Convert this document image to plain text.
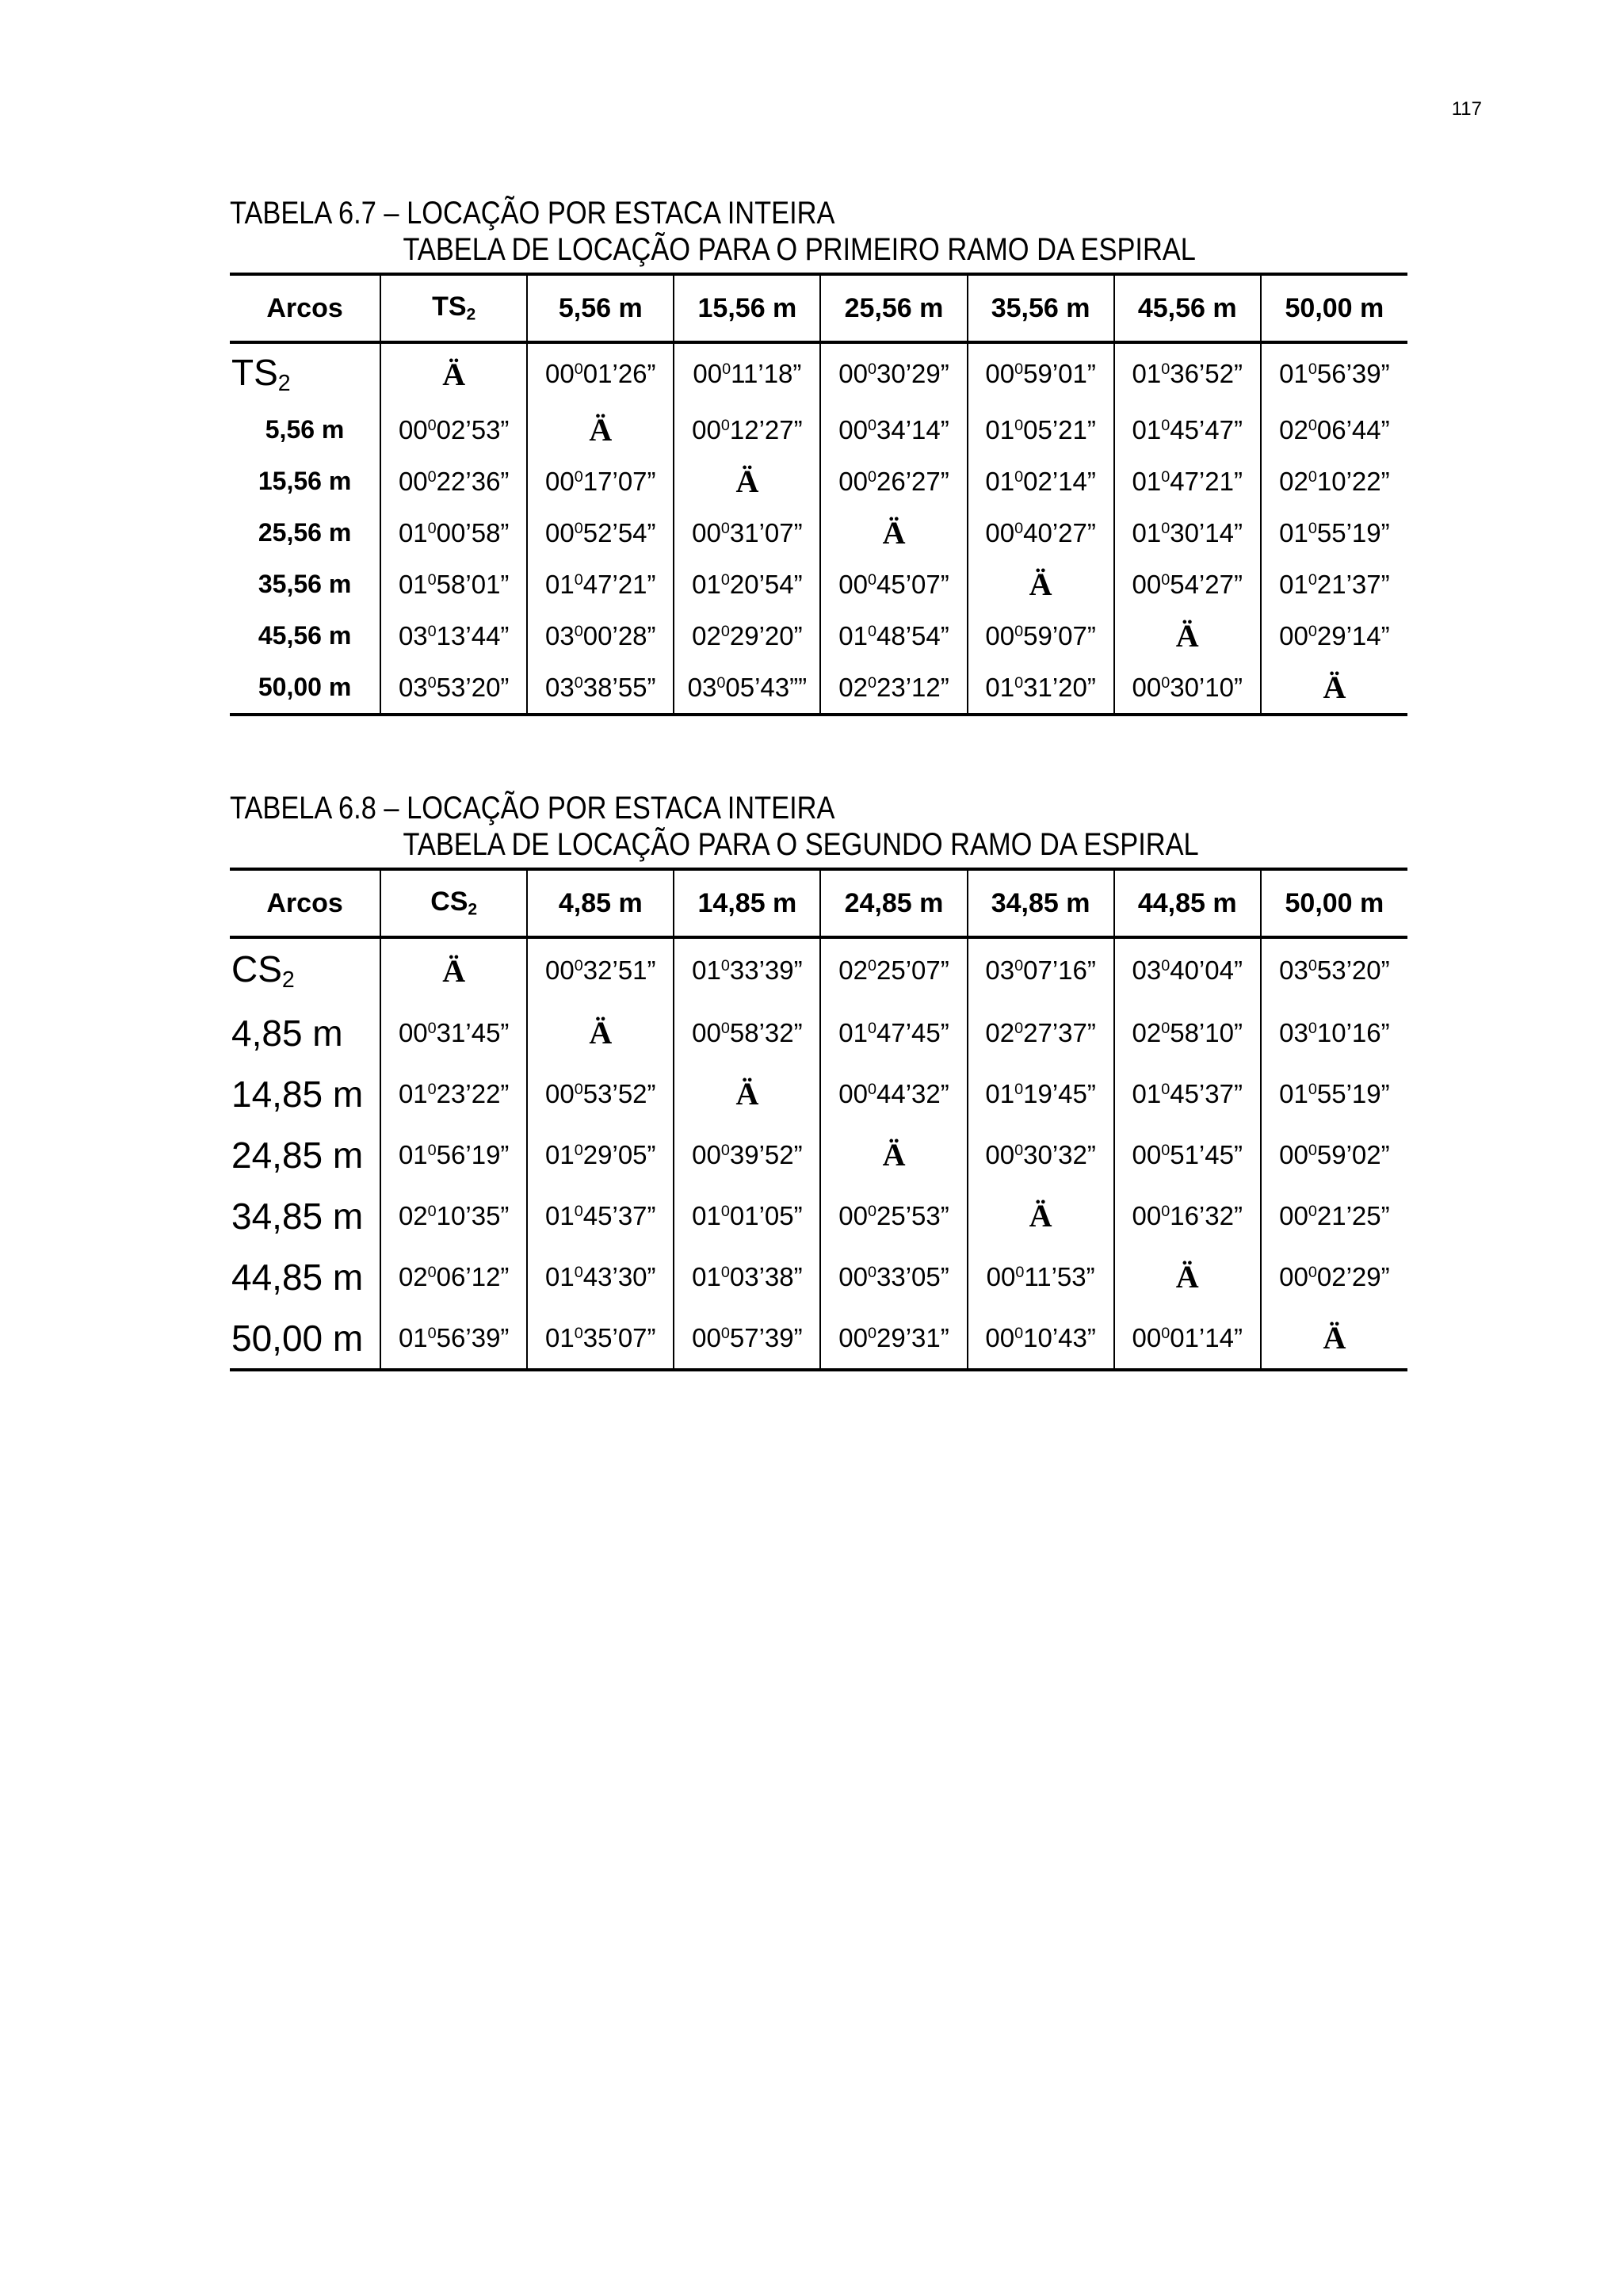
117
TABELA 6.7 – LOCAÇÃO POR ESTACA INTEIRA
TABELA DE LOCAÇÃO PARA O PRIMEIRO RAMO DA ESPIRAL
Arcos	$TS_2$	5,56 m	15,56 m	25,56 m	35,56 m	45,56 m	50,00 m
$TS_2$	Ä	$00^001’26$”	$00^011’18$”	$00^030’29$”	$00^059’01$”	$01^036’52$”	$01^056’39$”
5,56 m	$00^002’53$”	Ä	$00^012’27$”	$00^034’14$”	$01^005’21$”	$01^045’47$”	$02^006’44$”
15,56 m	$00^022’36$”	$00^017’07$”	Ä	$00^026’27$”	$01^002’14$”	$01^047’21$”	$02^010’22$”
25,56 m	$01^000’58$”	$00^052’54$”	$00^031’07$”	Ä	$00^040’27$”	$01^030’14$”	$01^055’19$”
35,56 m	$01^058’01$”	$01^047’21$”	$01^020’54$”	$00^045’07$”	Ä	$00^054’27$”	$01^021’37$”
45,56 m	$03^013’44$”	$03^000’28$”	$02^029’20$”	$01^048’54$”	$00^059’07$”	Ä	$00^029’14$”
50,00 m	$03^053’20$”	$03^038’55$”	$03^005’43$””	$02^023’12$”	$01^031’20$”	$00^030’10$”	Ä
TABELA 6.8 – LOCAÇÃO POR ESTACA INTEIRA
TABELA DE LOCAÇÃO PARA O SEGUNDO RAMO DA ESPIRAL
Arcos	$CS_2$	4,85 m	14,85 m	24,85 m	34,85 m	44,85 m	50,00 m
$CS_2$	Ä	$00^032’51$”	$01^033’39$”	$02^025’07$”	$03^007’16$”	$03^040’04$”	$03^053’20$”
4,85 m	$00^031’45$”	Ä	$00^058’32$”	$01^047’45$”	$02^027’37$”	$02^058’10$”	$03^010’16$”
14,85 m	$01^023’22$”	$00^053’52$”	Ä	$00^044’32$”	$01^019’45$”	$01^045’37$”	$01^055’19$”
24,85 m	$01^056’19$”	$01^029’05$”	$00^039’52$”	Ä	$00^030’32$”	$00^051’45$”	$00^059’02$”
34,85 m	$02^010’35$”	$01^045’37$”	$01^001’05$”	$00^025’53$”	Ä	$00^016’32$”	$00^021’25$”
44,85 m	$02^006’12$”	$01^043’30$”	$01^003’38$”	$00^033’05$”	$00^011’53$”	Ä	$00^002’29$”
50,00 m	$01^056’39$”	$01^035’07$”	$00^057’39$”	$00^029’31$”	$00^010’43$”	$00^001’14$”	Ä
